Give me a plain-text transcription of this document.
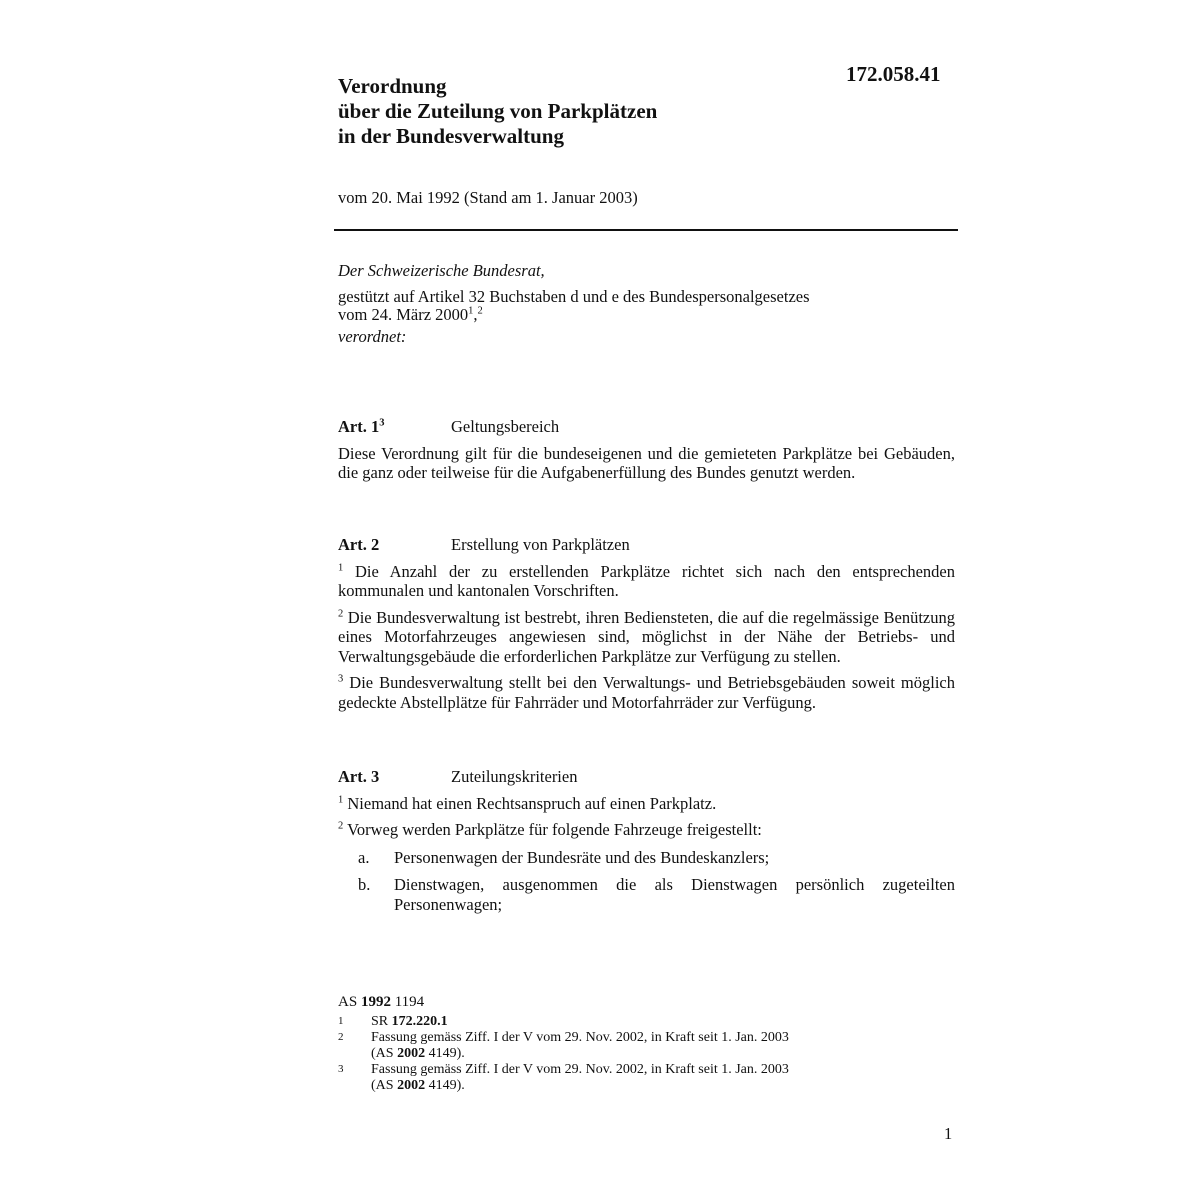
172.058.41
Verordnung
über die Zuteilung von Parkplätzen
in der Bundesverwaltung
vom 20. Mai 1992 (Stand am 1. Januar 2003)
Der Schweizerische Bundesrat,
gestützt auf Artikel 32 Buchstaben d und e des Bundespersonalgesetzes
vom 24. März 2000$^1$,$^2$
verordnet:
Art. $1^3$	Geltungsbereich
Diese Verordnung gilt für die bundeseigenen und die gemieteten Parkplätze bei Gebäuden, die ganz oder teilweise für die Aufgabenerfüllung des Bundes genutzt werden.
Art. 2	Erstellung von Parkplätzen
$^1$ Die Anzahl der zu erstellenden Parkplätze richtet sich nach den entsprechenden kommunalen und kantonalen Vorschriften.
$^2$ Die Bundesverwaltung ist bestrebt, ihren Bediensteten, die auf die regelmässige Benützung eines Motorfahrzeuges angewiesen sind, möglichst in der Nähe der Betriebs- und Verwaltungsgebäude die erforderlichen Parkplätze zur Verfügung zu stellen.
$^3$ Die Bundesverwaltung stellt bei den Verwaltungs- und Betriebsgebäuden soweit möglich gedeckte Abstellplätze für Fahrräder und Motorfahrräder zur Verfügung.
Art. 3	Zuteilungskriterien
$^1$ Niemand hat einen Rechtsanspruch auf einen Parkplatz.
$^2$ Vorweg werden Parkplätze für folgende Fahrzeuge freigestellt:
a.	Personenwagen der Bundesräte und des Bundeskanzlers;
b.	Dienstwagen, ausgenommen die als Dienstwagen persönlich zugeteilten Personenwagen;
AS 1992 1194
1	SR 172.220.1
2	Fassung gemäss Ziff. I der V vom 29. Nov. 2002, in Kraft seit 1. Jan. 2003
(AS 2002 4149).
3	Fassung gemäss Ziff. I der V vom 29. Nov. 2002, in Kraft seit 1. Jan. 2003
(AS 2002 4149).
1
